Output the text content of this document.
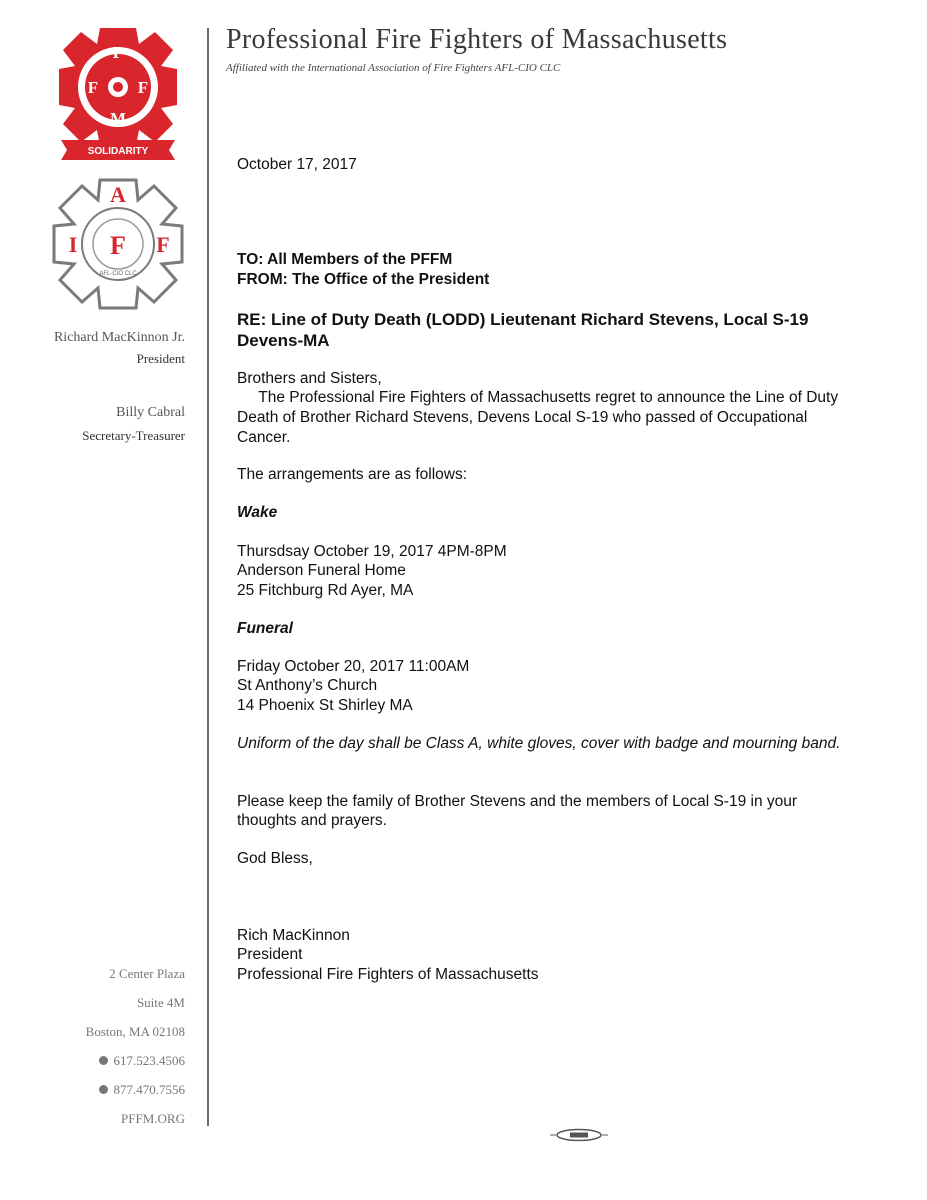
Professional Fire Fighters of Massachusetts
Affiliated with the International Association of Fire Fighters AFL-CIO CLC
P
F F
M
SOLIDARITY
A
I F F
AFL-CIO CLC
Richard MacKinnon Jr.
President
Billy Cabral
Secretary-Treasurer
2 Center Plaza
Suite 4M
Boston, MA 02108
617.523.4506
877.470.7556
PFFM.ORG
October 17, 2017
TO: All Members of the PFFM
FROM: The Office of the President
RE: Line of Duty Death (LODD) Lieutenant Richard Stevens, Local S-19
Devens-MA
Brothers and Sisters,
The Professional Fire Fighters of Massachusetts regret to announce the Line of Duty
Death of Brother Richard Stevens, Devens Local S-19 who passed of Occupational
Cancer.
The arrangements are as follows:
Wake
Thursdsay October 19, 2017 4PM-8PM
Anderson Funeral Home
25 Fitchburg Rd Ayer, MA
Funeral
Friday October 20, 2017 11:00AM
St Anthony’s Church
14 Phoenix St Shirley MA
Uniform of the day shall be Class A, white gloves, cover with badge and mourning band.
Please keep the family of Brother Stevens and the members of Local S-19 in your
thoughts and prayers.
God Bless,
Rich MacKinnon
President
Professional Fire Fighters of Massachusetts
